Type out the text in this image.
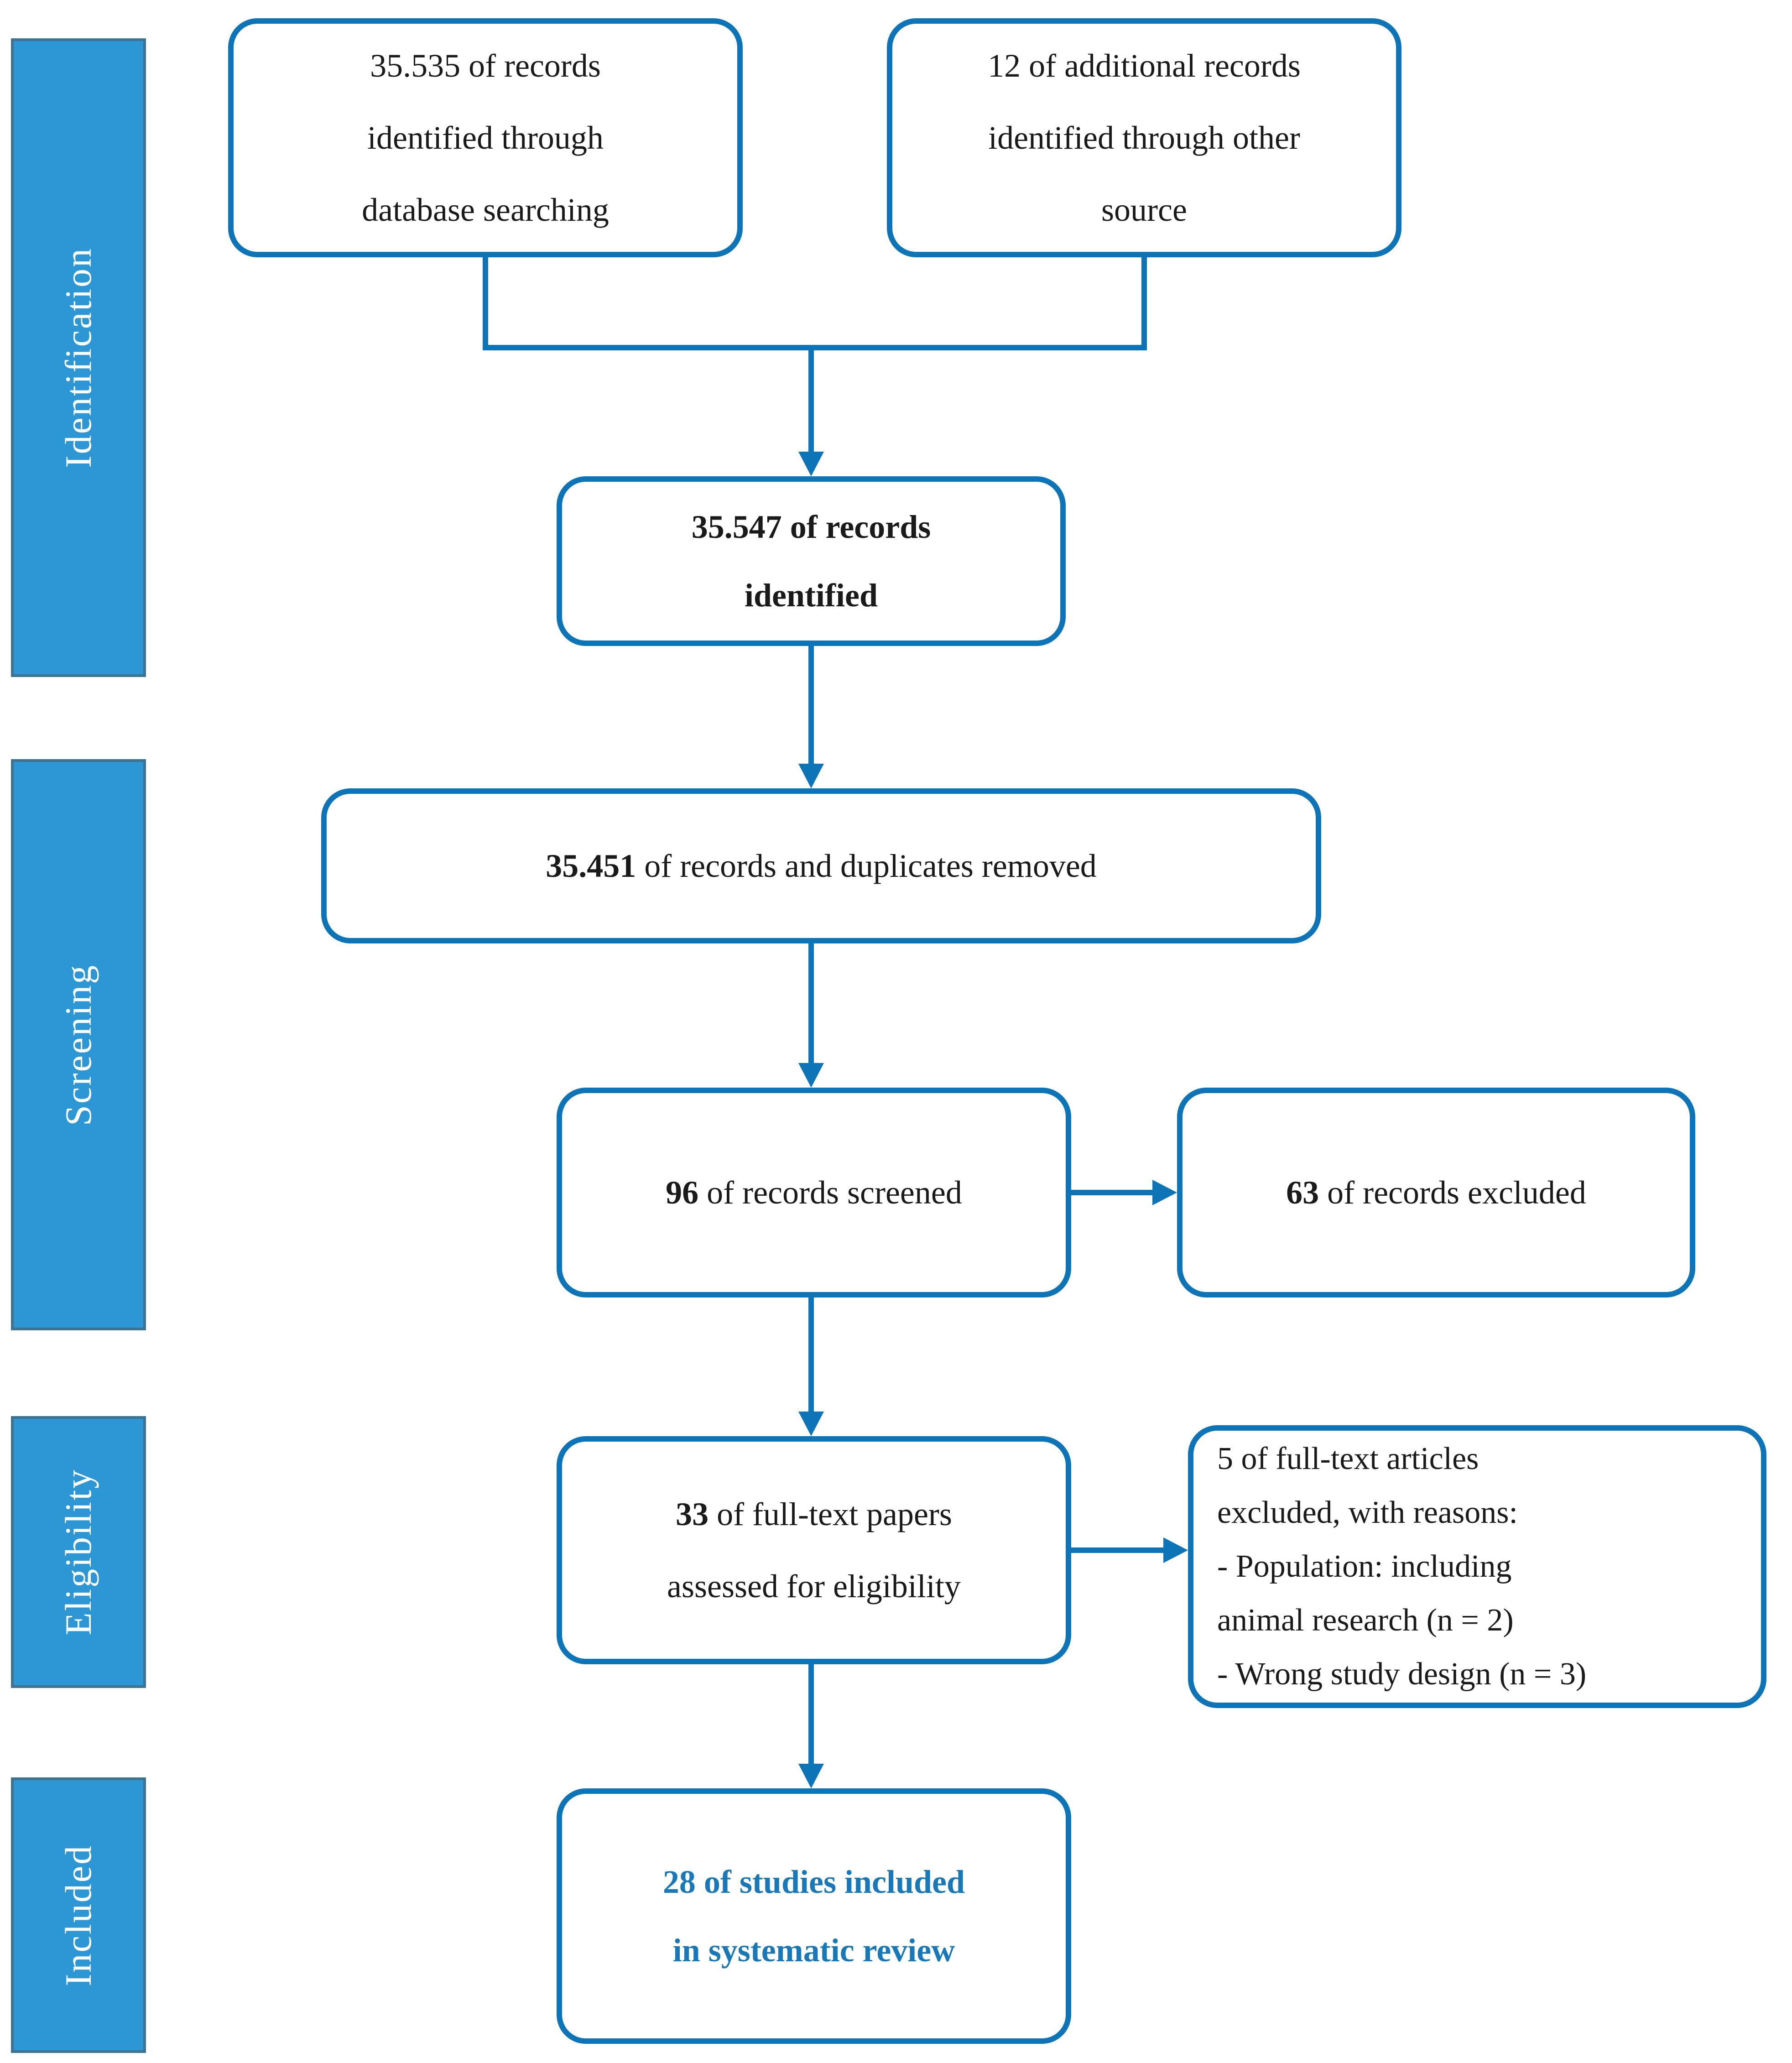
Identification
Screening
Eligibility
Included
35.535 of records
identified through
database searching
12 of additional records
identified through other
source
35.547 of records
identified
35.451 of records and duplicates removed
96 of records screened	63 of records excluded
33 of full-text papers
assessed for eligibility
5 of full-text articles
excluded, with reasons:
- Population: including
animal research (n = 2)
- Wrong study design (n = 3)
28 of studies included
in systematic review
